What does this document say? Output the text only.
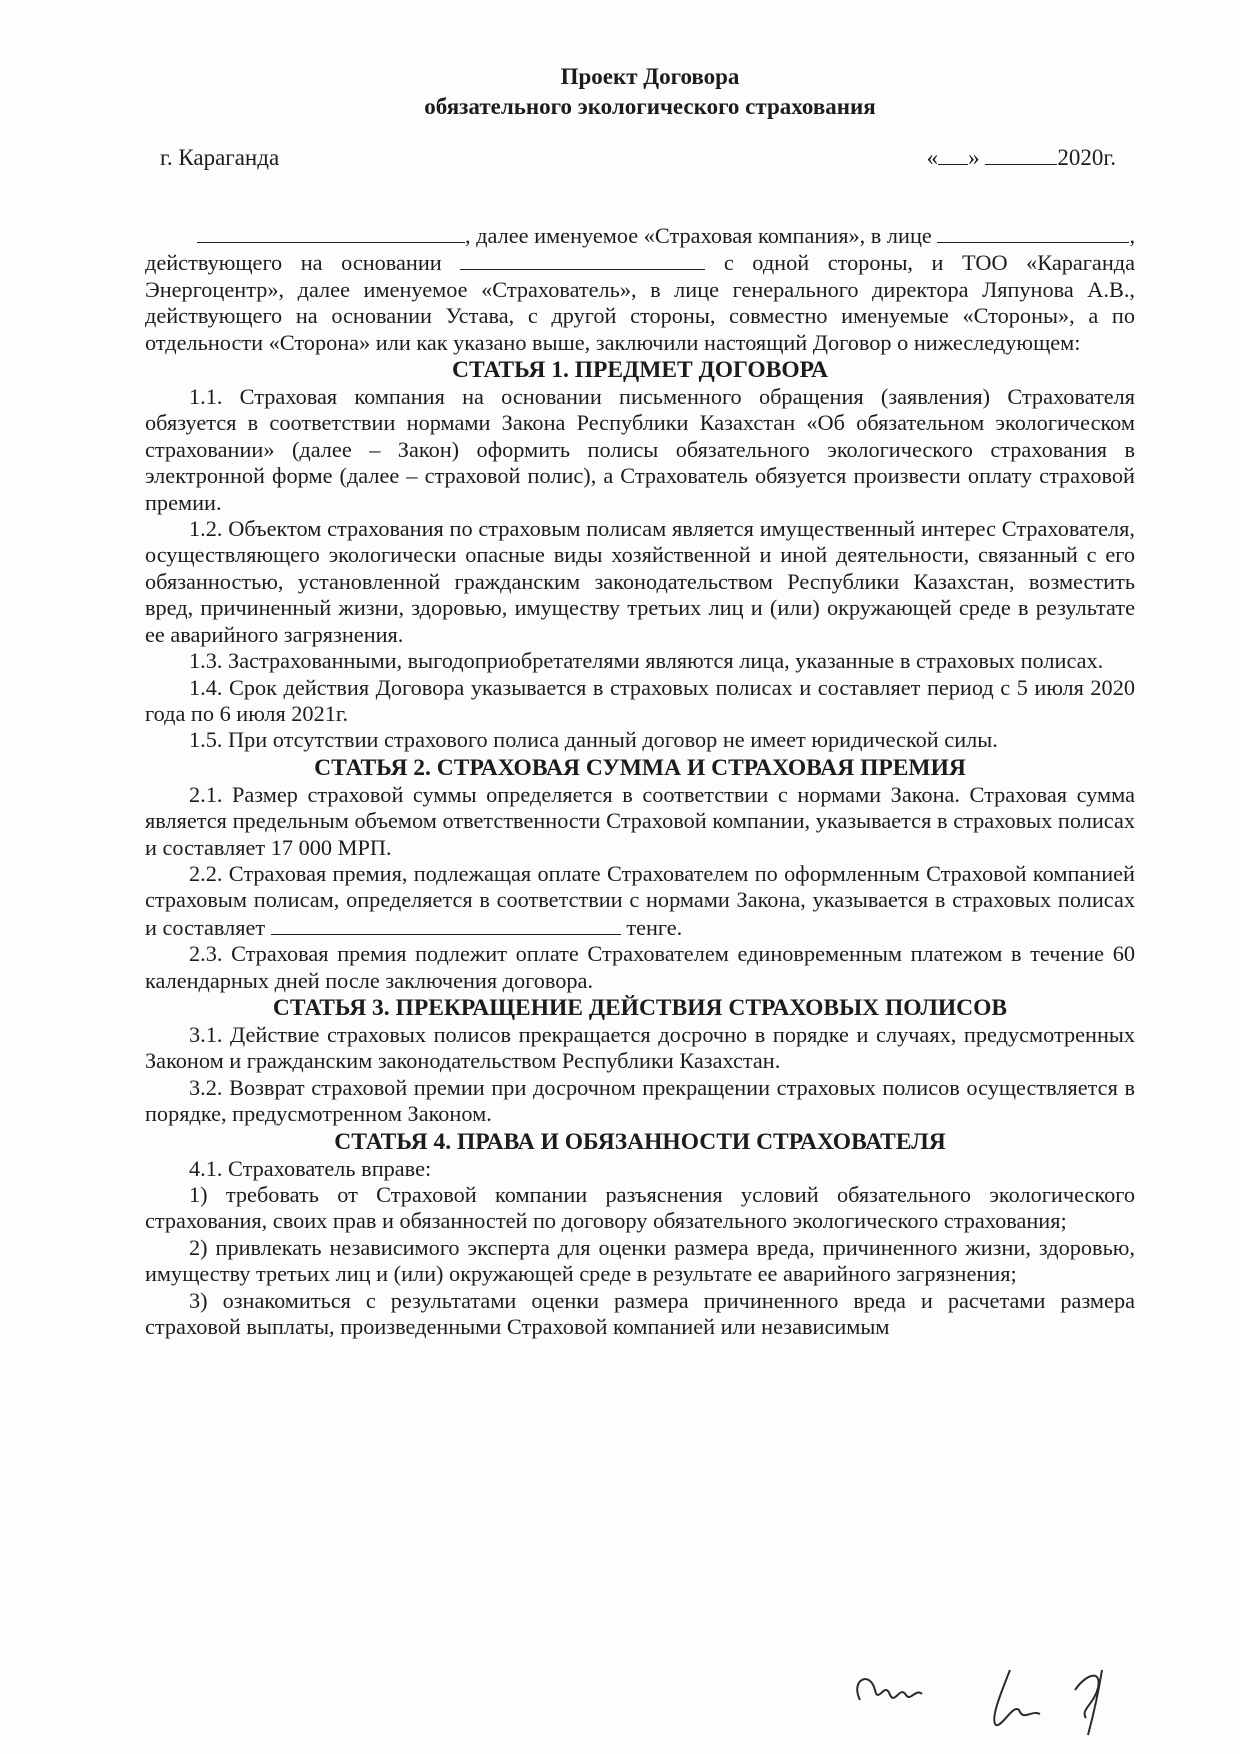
Проект Договора
обязательного экологического страхования
г. Караганда	« »	2020г.

, далее именуемое «Страховая компания», в лице	, действующего на основании	с одной стороны, и ТОО «Караганда Энергоцентр», далее именуемое «Страхователь», в лице генерального директора Ляпунова А.В., действующего на основании Устава, с другой стороны, совместно именуемые «Стороны», а по отдельности «Сторона» или как указано выше, заключили настоящий Договор о нижеследующем:

СТАТЬЯ 1. ПРЕДМЕТ ДОГОВОРА

1.1. Страховая компания на основании письменного обращения (заявления) Страхователя обязуется в соответствии нормами Закона Республики Казахстан «Об обязательном экологическом страховании» (далее – Закон) оформить полисы обязательного экологического страхования в электронной форме (далее – страховой полис), а Страхователь обязуется произвести оплату страховой премии.

1.2. Объектом страхования по страховым полисам является имущественный интерес Страхователя, осуществляющего экологически опасные виды хозяйственной и иной деятельности, связанный с его обязанностью, установленной гражданским законодательством Республики Казахстан, возместить вред, причиненный жизни, здоровью, имуществу третьих лиц и (или) окружающей среде в результате ее аварийного загрязнения.

1.3. Застрахованными, выгодоприобретателями являются лица, указанные в страховых полисах.

1.4. Срок действия Договора указывается в страховых полисах и составляет период с 5 июля 2020 года по 6 июля 2021г.

1.5. При отсутствии страхового полиса данный договор не имеет юридической силы.

СТАТЬЯ 2. СТРАХОВАЯ СУММА И СТРАХОВАЯ ПРЕМИЯ

2.1. Размер страховой суммы определяется в соответствии с нормами Закона. Страховая сумма является предельным объемом ответственности Страховой компании, указывается в страховых полисах и составляет 17 000 МРП.

2.2. Страховая премия, подлежащая оплате Страхователем по оформленным Страховой компанией страховым полисам, определяется в соответствии с нормами Закона, указывается в страховых полисах и составляет	тенге.

2.3. Страховая премия подлежит оплате Страхователем единовременным платежом в течение 60 календарных дней после заключения договора.

СТАТЬЯ 3. ПРЕКРАЩЕНИЕ ДЕЙСТВИЯ СТРАХОВЫХ ПОЛИСОВ

3.1. Действие страховых полисов прекращается досрочно в порядке и случаях, предусмотренных Законом и гражданским законодательством Республики Казахстан.

3.2. Возврат страховой премии при досрочном прекращении страховых полисов осуществляется в порядке, предусмотренном Законом.

СТАТЬЯ 4. ПРАВА И ОБЯЗАННОСТИ СТРАХОВАТЕЛЯ

4.1. Страхователь вправе:

1) требовать от Страховой компании разъяснения условий обязательного экологического страхования, своих прав и обязанностей по договору обязательного экологического страхования;

2) привлекать независимого эксперта для оценки размера вреда, причиненного жизни, здоровью, имуществу третьих лиц и (или) окружающей среде в результате ее аварийного загрязнения;

3) ознакомиться с результатами оценки размера причиненного вреда и расчетами размера страховой выплаты, произведенными Страховой компанией или независимым
